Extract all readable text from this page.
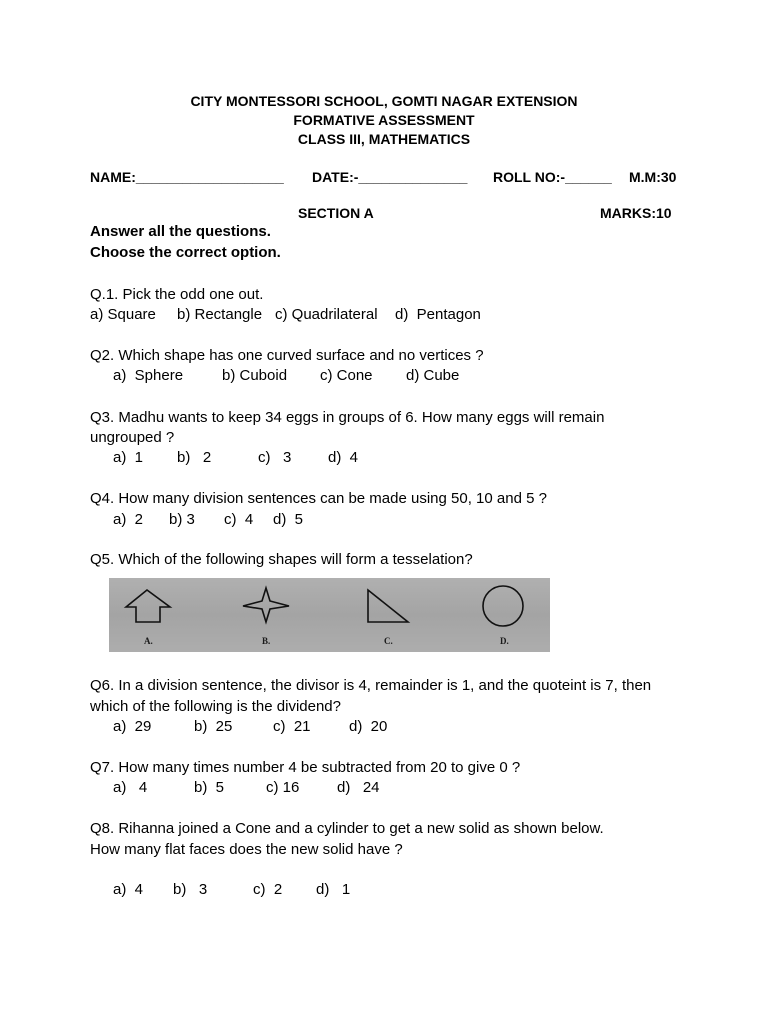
CITY MONTESSORI SCHOOL, GOMTI NAGAR EXTENSION
FORMATIVE ASSESSMENT
CLASS III, MATHEMATICS
NAME:___________________ DATE:-______________ ROLL NO:-______ M.M:30
SECTION A	MARKS:10
Answer all the questions.
Choose the correct option.
Q.1. Pick the odd one out.
a) Square b) Rectangle c) Quadrilateral d)  Pentagon
Q2. Which shape has one curved surface and no vertices ?
a)  Sphere	b) Cuboid c) Cone d) Cube
Q3. Madhu wants to keep 34 eggs in groups of 6. How many eggs will remain
ungrouped ?
a)  1 b)   2	c)   3 d)  4
Q4. How many division sentences can be made using 50, 10 and 5 ?
a)  2 b) 3 c)  4 d)  5
Q5. Which of the following shapes will form a tesselation?
A.	B.	C.	D.
Q6. In a division sentence, the divisor is 4, remainder is 1, and the quoteint is 7, then
which of the following is the dividend?
a)  29	b)  25	c)  21	d)  20
Q7. How many times number 4 be subtracted from 20 to give 0 ?
a)   4	b)  5	c) 16	d)   24
Q8. Rihanna joined a Cone and a cylinder to get a new solid as shown below.
How many flat faces does the new solid have ?
a)  4 b)   3	c)  2 d)   1
